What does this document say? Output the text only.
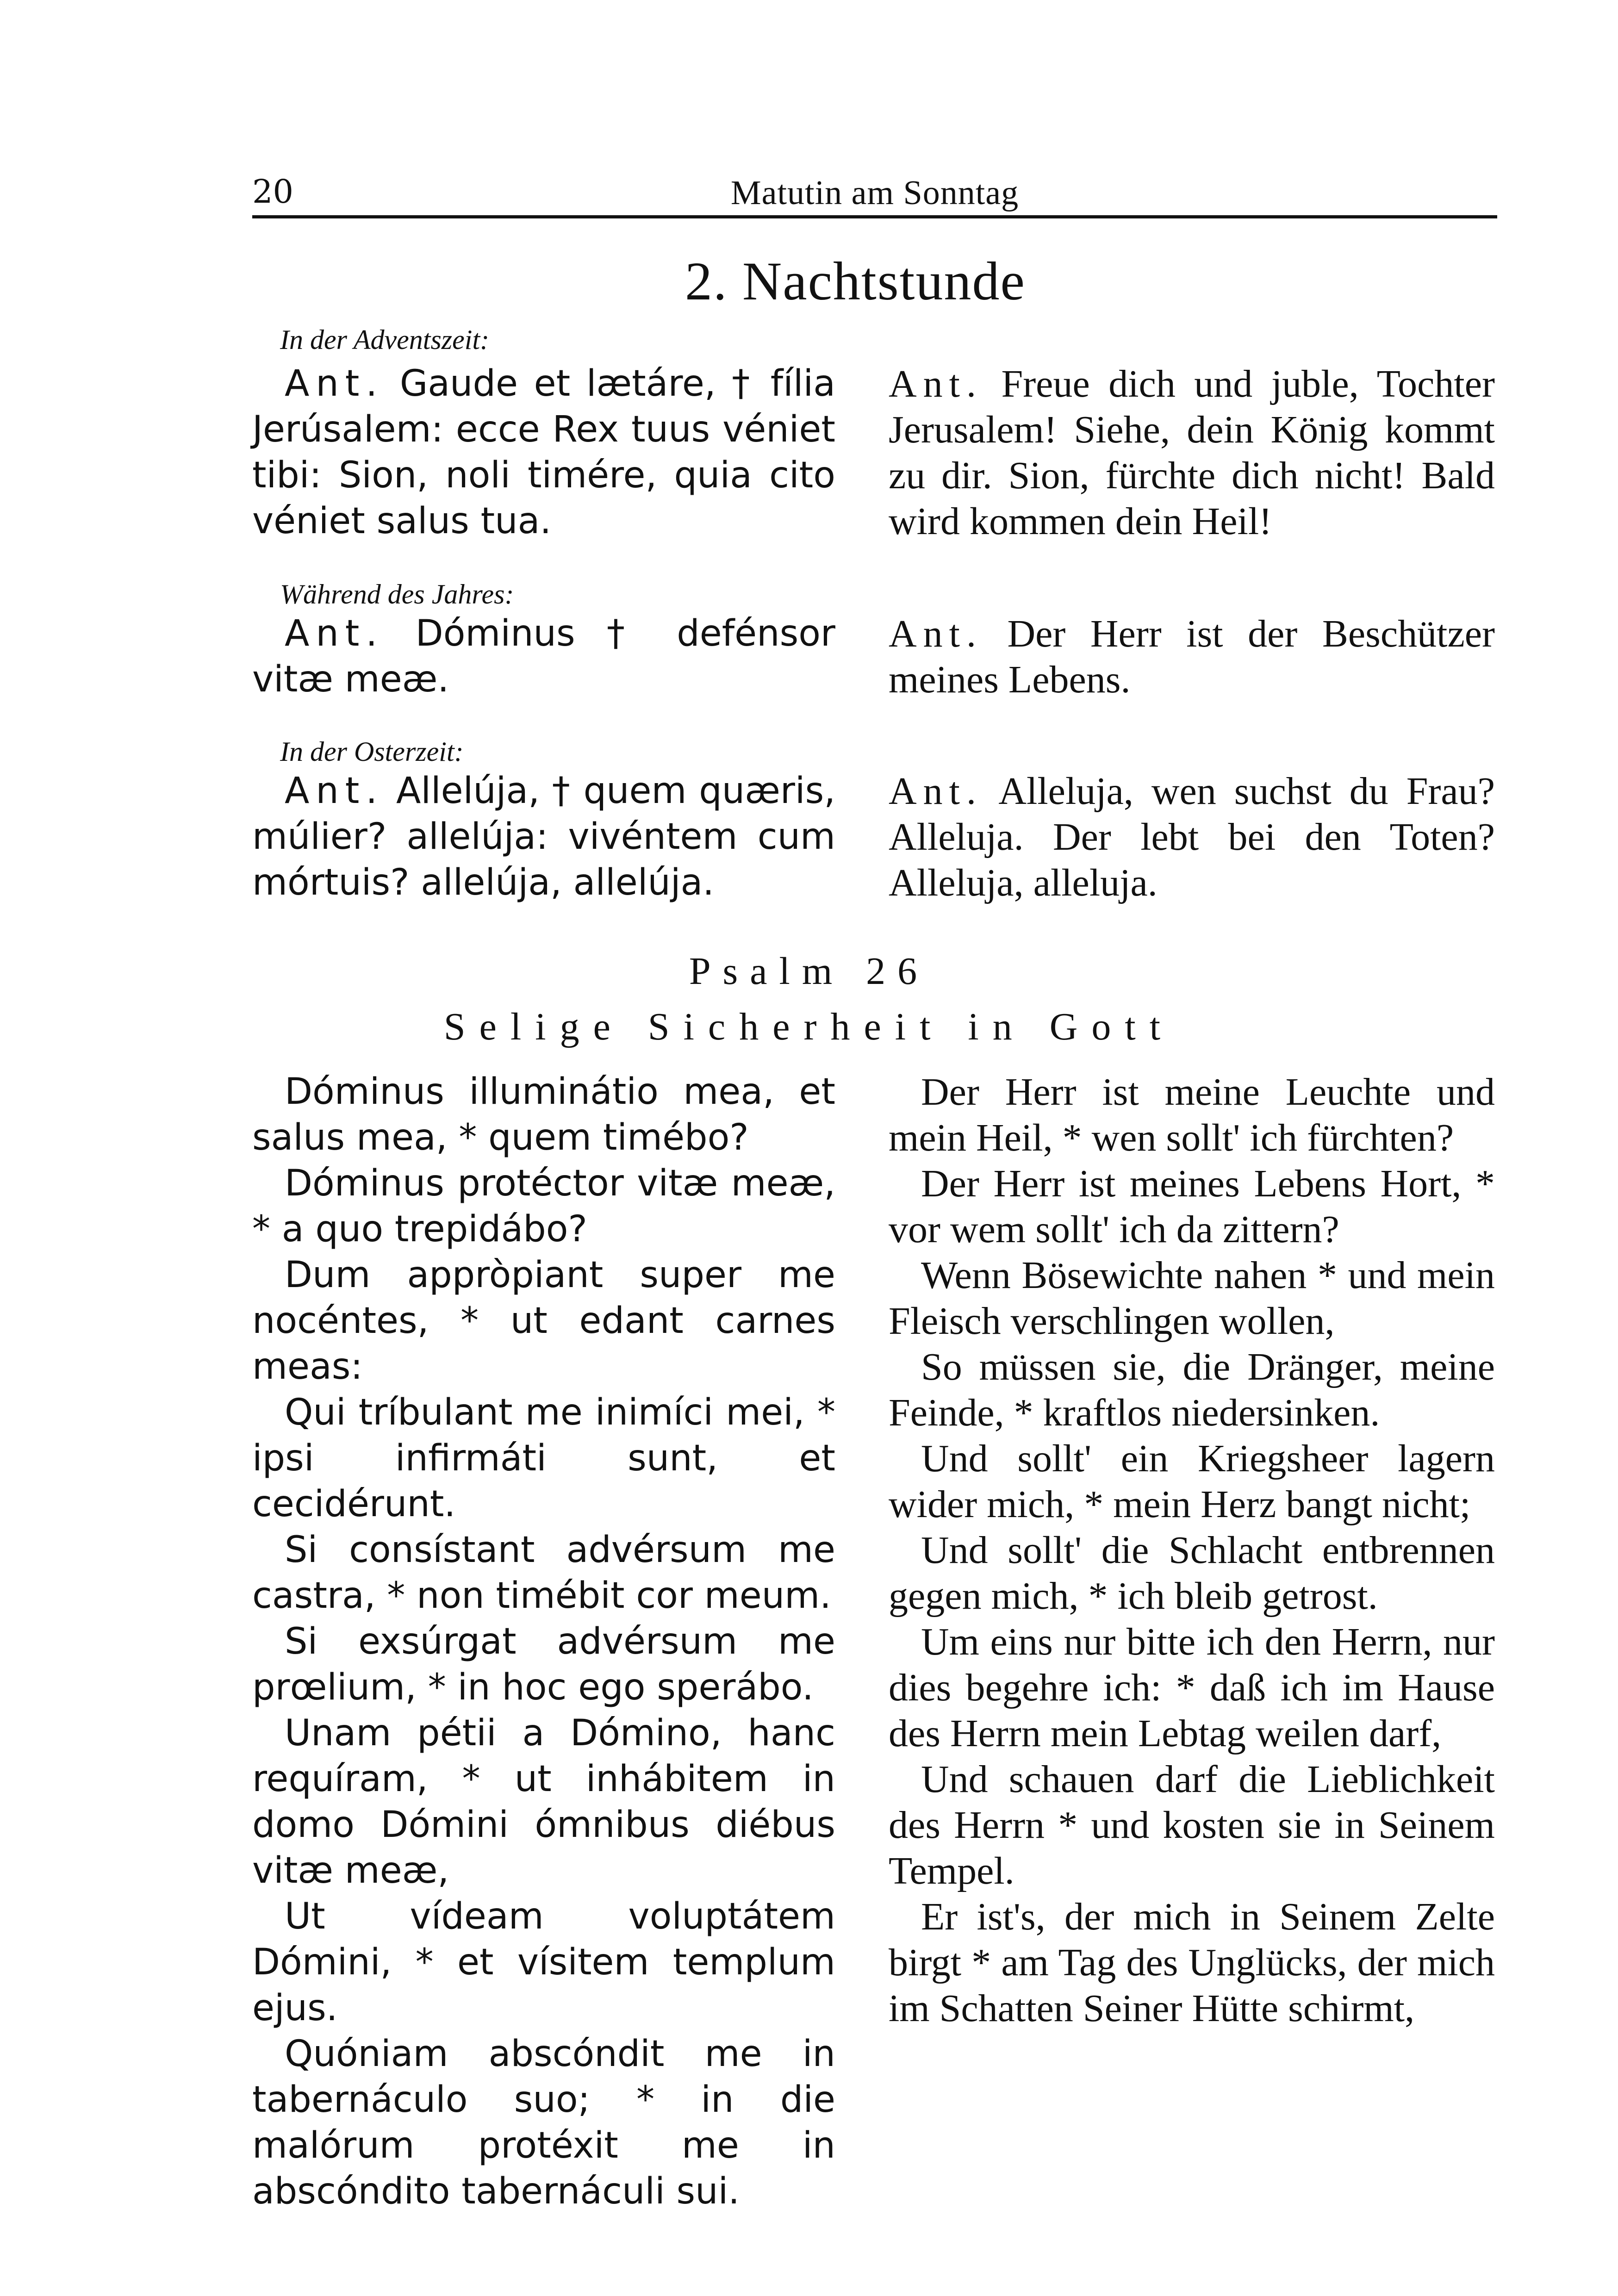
20	Matutin am Sonntag
2. Nachtstunde
In der Adventszeit:
Ant. Gaude et lætáre, † fília Jerúsalem: ecce Rex tuus véniet tibi: Sion, noli timére, quia cito véniet salus tua.
Ant. Freue dich und juble, Tochter Jerusalem! Siehe, dein König kommt zu dir. Sion, fürchte dich nicht! Bald wird kommen dein Heil!
Während des Jahres:
Ant. Dóminus † defénsor vitæ meæ.
Ant. Der Herr ist der Beschützer meines Lebens.
In der Osterzeit:
Ant. Allelúja, † quem quæris, múlier? allelúja: vivéntem cum mórtuis? allelúja, allelúja.
Ant. Alleluja, wen suchst du Frau? Alleluja. Der lebt bei den Toten? Alleluja, alleluja.
Psalm 26
Selige Sicherheit in Gott

Dóminus illuminátio mea, et salus mea, * quem timébo?

Dóminus protéctor vitæ meæ, * a quo trepidábo?

Dum appròpiant super me nocéntes, * ut edant carnes meas:

Qui tríbulant me inimíci mei, * ipsi infirmáti sunt, et cecidérunt.

Si consístant advérsum me castra, * non timébit cor meum.

Si exsúrgat advérsum me prœlium, * in hoc ego sperábo.

Unam pétii a Dómino, hanc requíram, * ut inhábitem in domo Dómini ómnibus diébus vitæ meæ,

Ut vídeam voluptátem Dómini, * et vísitem templum ejus.

Quóniam abscóndit me in tabernáculo suo; * in die malórum protéxit me in abscóndito tabernáculi sui.

Der Herr ist meine Leuchte und mein Heil, * wen sollt' ich fürchten?

Der Herr ist meines Lebens Hort, * vor wem sollt' ich da zittern?

Wenn Bösewichte nahen * und mein Fleisch verschlingen wollen,

So müssen sie, die Dränger, meine Feinde, * kraftlos niedersinken.

Und sollt' ein Kriegsheer lagern wider mich, * mein Herz bangt nicht;

Und sollt' die Schlacht entbrennen gegen mich, * ich bleib getrost.

Um eins nur bitte ich den Herrn, nur dies begehre ich: * daß ich im Hause des Herrn mein Lebtag weilen darf,

Und schauen darf die Lieblichkeit des Herrn * und kosten sie in Seinem Tempel.

Er ist's, der mich in Seinem Zelte birgt * am Tag des Unglücks, der mich im Schatten Seiner Hütte schirmt,
